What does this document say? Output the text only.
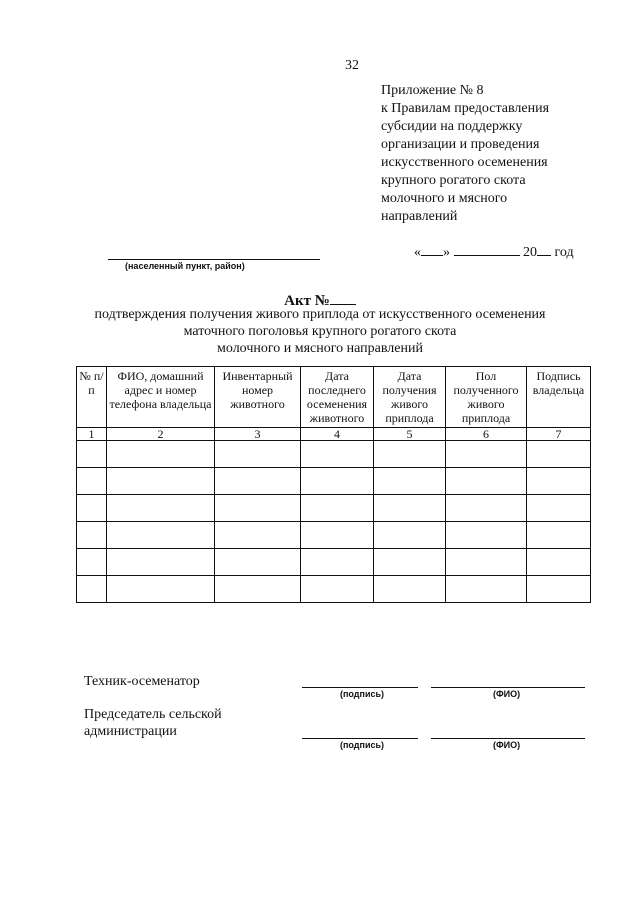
32
Приложение № 8
к Правилам предоставления
субсидии на поддержку
организации и проведения
искусственного осеменения
крупного рогатого скота
молочного и мясного
направлений
(населенный пункт, район)
« »	20 год
Акт №
подтверждения получения живого приплода от искусственного осеменения
маточного поголовья крупного рогатого скота
молочного и мясного направлений
№ п/п	ФИО, домашний адрес и номер телефона владельца	Инвентарный номер животного	Дата последнего осеменения животного	Дата получения живого приплода	Пол полученного живого приплода	Подпись владельца
1	2	3	4	5	6	7

Техник-осеменатор
(подпись)	(ФИО)
Председатель сельской
администрации
(подпись)	(ФИО)
